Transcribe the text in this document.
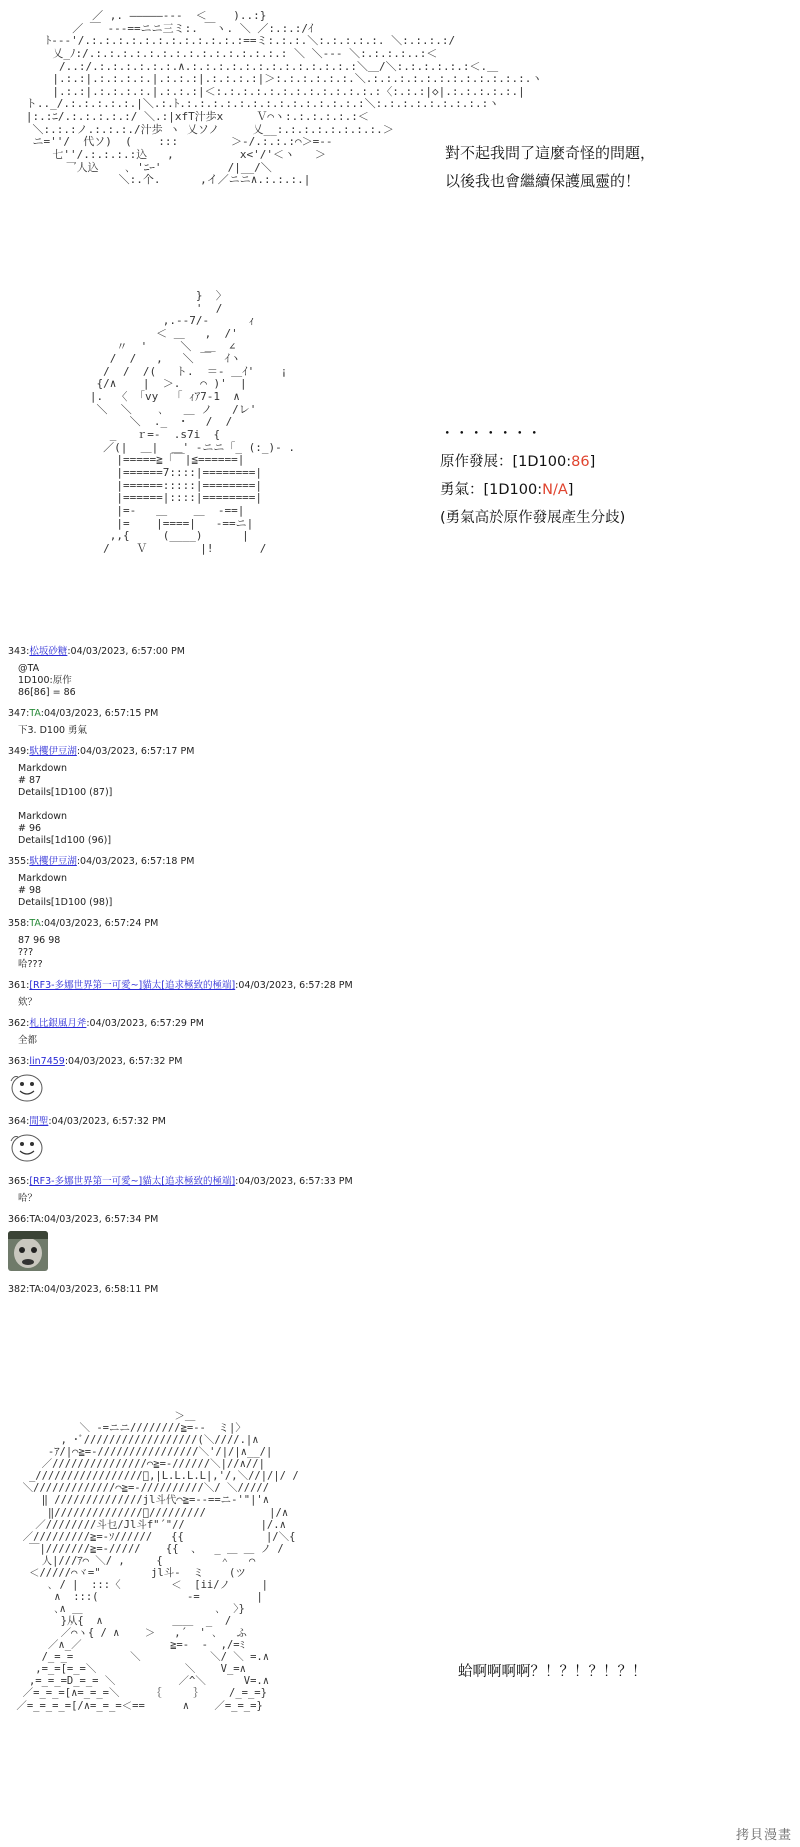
／ ,. ―――――‐-‐  ＜    )..:}
／ ￣ -‐‐==ニニ三ミ:. ￣ヽ. ＼ ／:.:.:/ｲ
ﾄ‐-‐'/.:.:.:.:.:.:.:.:.:.:.:.:==ミ:.:.:.＼:.:.:.:.:. ＼:.:.:.:/
乂_ﾉ:/.:.:.:.:.:.:.:.:.:.:.:.:.:.:.: ＼ ＼‐‐‐ ＼:.:.:.:..:＜
/..:/.:.:.:.:.:.:.∧.:.:.:.:.:.:.:.:.:.:.:.:.:＼＿/＼:.:.:.:.:.:＜.＿
|.:.:|.:.:.:.:.|.:.:.:|.:.:.:.:|＞:.:.:.:.:.:.＼.:.:.:.:.:.:.:.:.:.:.:.:.ヽ
|.:.:|.:.:.:.:.|.:.:.:|＜:.:.:.:.:.:.:.:.:.:.:.:.:〈:.:.:|◇|.:.:.:.:.:.|
ト.._/.:.:.:.:.:.|＼.:.ﾄ.:.:.:.:.:.:.:.:.:.:.:.:.:.:＼:.:.:.:.:.:.:.:.:ヽ
|:.:ﾆ/.:.:.:.:.:/ ＼.:|xfT汁歩x     Ｖ⌒ヽ:.:.:.:.:.:＜
＼:.:.:ノ.:.:.:./汁歩 ヽ 乂ソノ     乂__:.:.:.:.:.:.:.:.＞
ニ=''/  代ソ)  (    :::        ＞‐/.:.:.:⌒＞=‐‐
七''/.:.:.:.:込   ,          x<'/'＜ヽ   ＞
乛人込    ､ 'ﾆｰ'          /|__/＼
＼:.个.      ,イ／ニニ∧.:.:.:.|

對不起我問了這麼奇怪的問題，
以後我也會繼續保護風靈的！
}  〉
'  /
,.‐‐7/-      ｨ
＜ ＿   ,  /'
〃  '     ＼  ＿  ∠
/  /   ,   ＼ ￣  ｲヽ
/  /  /(   ト.  ＝‐ ＿ｲ'    ¡
{/∧    |  ＞.   ⌒ )'  |
|.  〈 「vy  「 ｨｱ7‐1  ∧
＼  ＼    ､   ＿ ノ   /レ'
＼  ._  ･   /  /
_   ｒ=-  .s7i  {
／(|  ＿|  ＿' ‐ニニ「_ (:_)‐ .
|=====≧「￣|≦======|
|======7::::|========|
|======:::::|========|
|======|::::|========|
|=‐   ＿    ＿  ‐==|
|=    |====|   ‐==ニ|
,,{     (____)      |
/    Ｖ        |!       /

・・・・・・・
原作發展：[1D100:86]
勇氣：[1D100:N/A]
(勇氣高於原作發展產生分歧)
343:松坂砂糖:04/03/2023, 6:57:00 PM
@TA
1D100:原作
86[86] = 86
347:TA:04/03/2023, 6:57:15 PM
下3. D100 勇氣
349:馱攫伊豆湖:04/03/2023, 6:57:17 PM
Markdown
# 87
Details[1D100 (87)]

Markdown
# 96
Details[1d100 (96)]
355:馱攫伊豆湖:04/03/2023, 6:57:18 PM
Markdown
# 98
Details[1D100 (98)]
358:TA:04/03/2023, 6:57:24 PM
87 96 98
???
哈???
361:[RF3-多娜世界第一可愛~]貓太[追求極致的極端]:04/03/2023, 6:57:28 PM
欸？
362:札比銀風月斧:04/03/2023, 6:57:29 PM
全都
363:lin7459:04/03/2023, 6:57:32 PM
364:閒聖:04/03/2023, 6:57:32 PM
365:[RF3-多娜世界第一可愛~]貓太[追求極致的極端]:04/03/2023, 6:57:33 PM
哈？
366:TA:04/03/2023, 6:57:34 PM
382:TA:04/03/2023, 6:58:11 PM
＞＿
＼ ‐=ニニ////////≧=‐‐  ミ|〉
, ･ﾞ//////////////////(＼////.|∧
‐ｱ/|⌒≧=‐////////////////＼'/|/|∧__/|
／///////////////⌒≧=‐//////＼|//∧//|
_/////////////////ﾞ,|L.L.L.L|,'/,＼//|/|/ /
＼/////////////⌒≧=‐//////////＼/ ＼/////
‖ //////////////jl斗代⌒≧=‐‐==ニ‐'"|'∧
‖//////////////ﾞ/////////          |/∧
／////////斗乜/Jl斗f"´"//            |/.∧
／/////////≧=‐ｿ//////   {{             |/＼{
￣|///////≧=‐/////    {{  、  _ ＿ ＿ ノ /
人|///ｱ⌒ ＼/ ,     {         ＾   ⌒
＜/////⌒ヾ="        jl斗‐  ミ    (ツ
､ / |  :::〈        ＜  [ii/ノ     |
∧  :::(              ‐=         |
､∧ ＿                     ､  〉}
}从{  ∧           ＿＿  _  /
／⌒ヽ{ / ∧    ＞   ,´  ' ､   ふ
／∧_／              ≧=‐  -  ,/=ﾐ
/_=_=         ＼           ＼/ ＼ =.∧
,=_=[=_=＼              ＼    V_=∧
,=_=_=D_=_= ＼          ／^＼      V=.∧
／=_=_=[∧=_=_=＼     ｛     ｝    /_=_=}
／=_=_=_=[/∧=_=_=＜==      ∧    ／=_=_=}

蛤啊啊啊啊？！？！？！？！
拷貝漫畫
